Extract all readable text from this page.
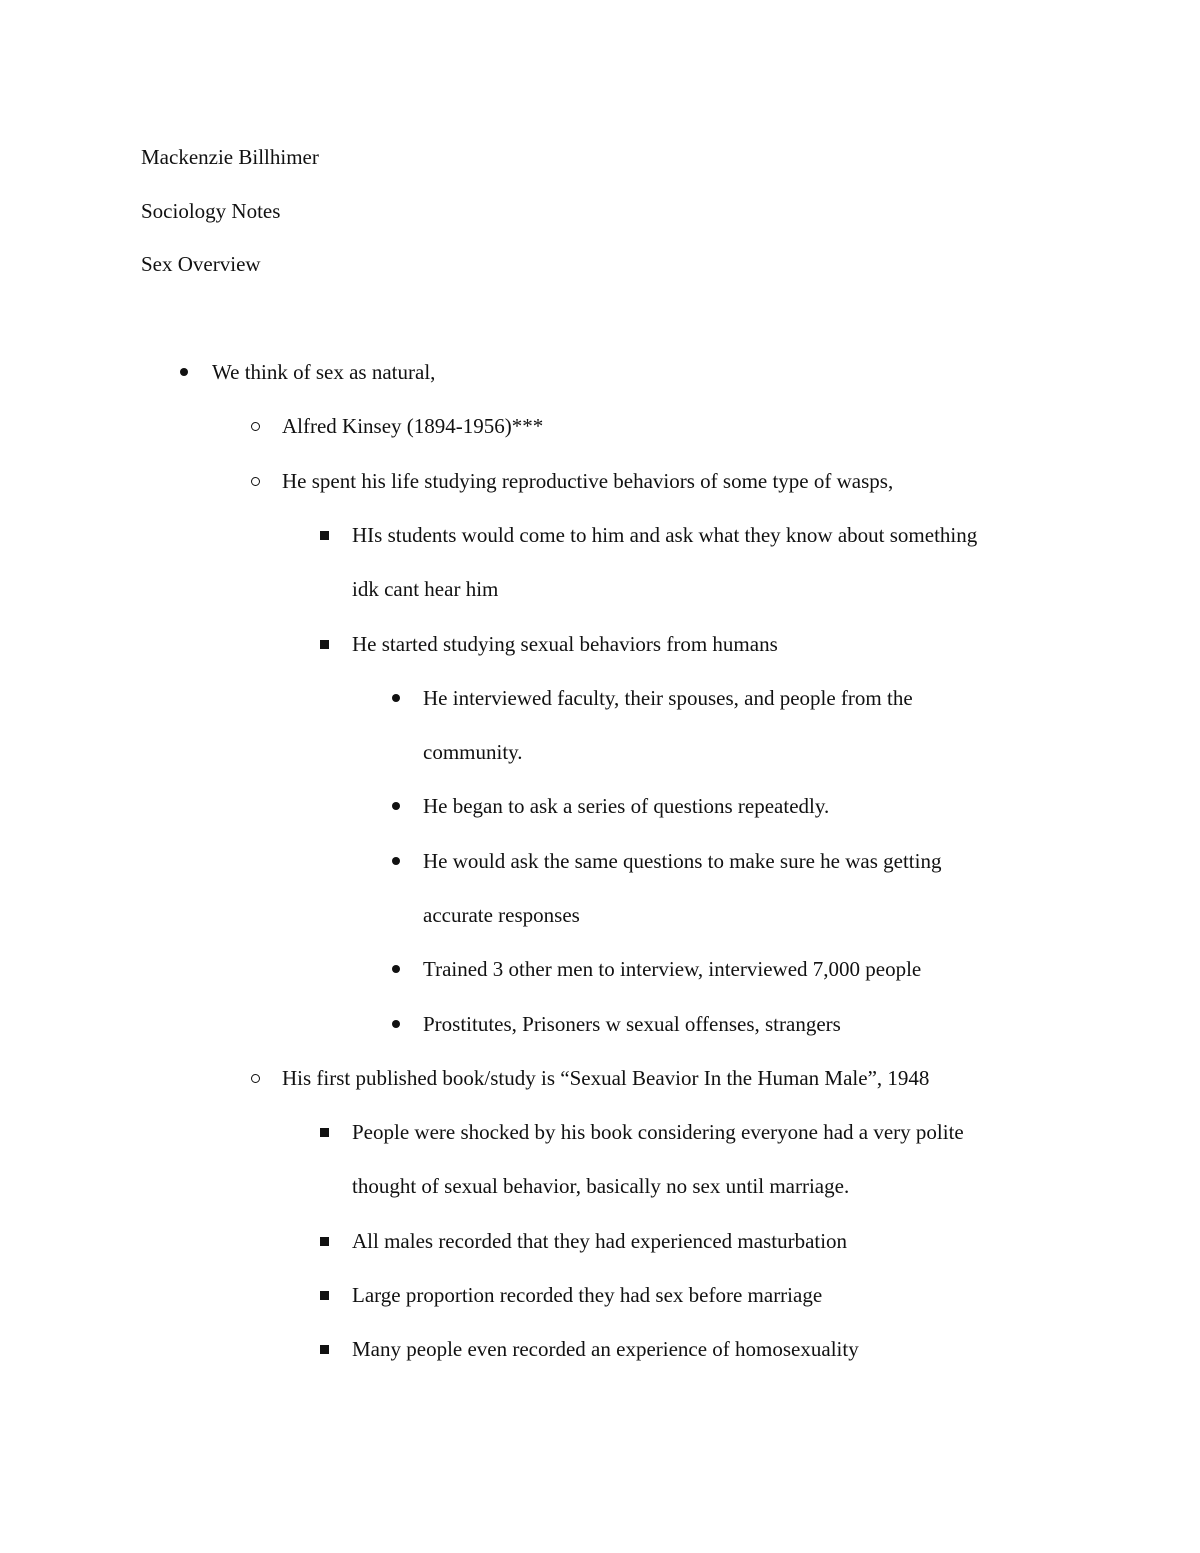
Mackenzie Billhimer
Sociology Notes
Sex Overview
We think of sex as natural,
Alfred Kinsey (1894-1956)***
He spent his life studying reproductive behaviors of some type of wasps,
HIs students would come to him and ask what they know about something
idk cant hear him
He started studying sexual behaviors from humans
He interviewed faculty, their spouses, and people from the
community.
He began to ask a series of questions repeatedly.
He would ask the same questions to make sure he was getting
accurate responses
Trained 3 other men to interview, interviewed 7,000 people
Prostitutes, Prisoners w sexual offenses, strangers
His first published book/study is “Sexual Beavior In the Human Male”, 1948
People were shocked by his book considering everyone had a very polite
thought of sexual behavior, basically no sex until marriage.
All males recorded that they had experienced masturbation
Large proportion recorded they had sex before marriage
Many people even recorded an experience of homosexuality
